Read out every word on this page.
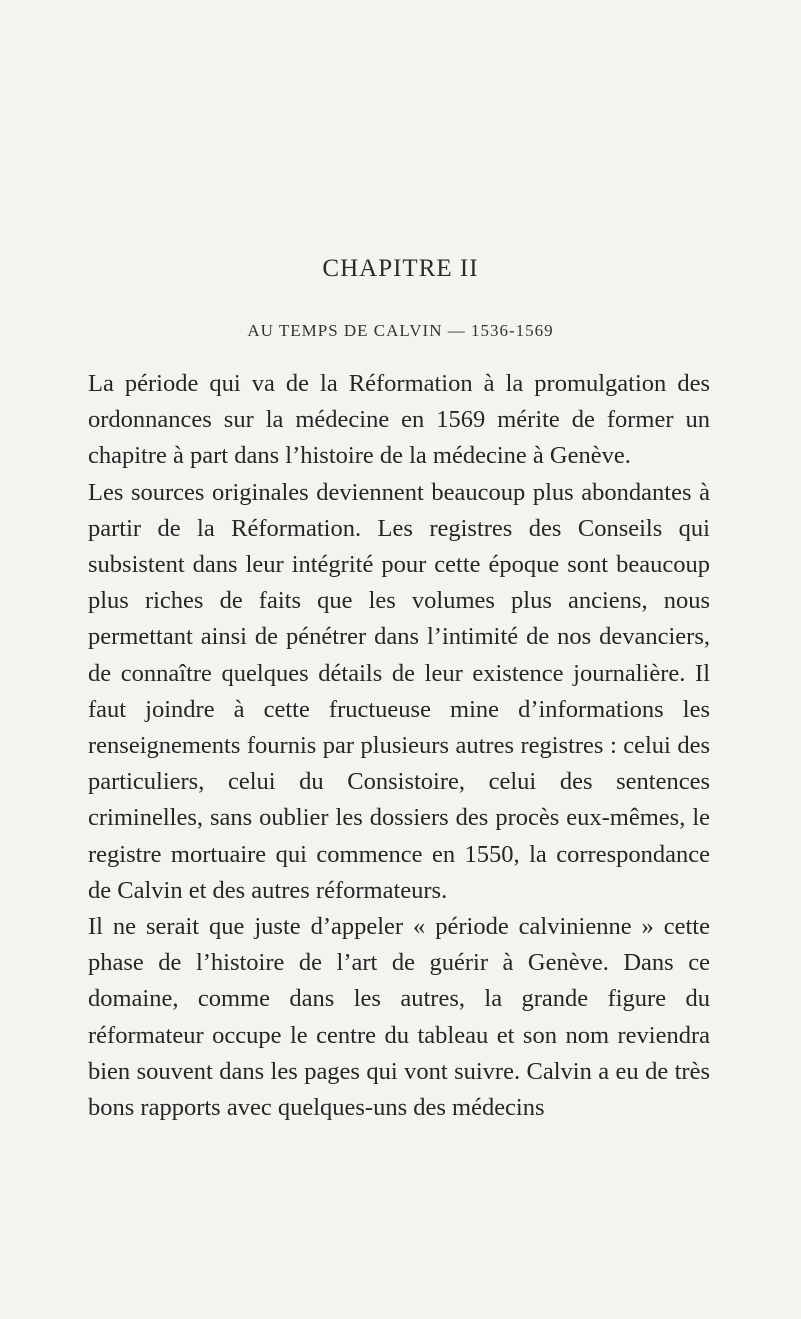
CHAPITRE II
AU TEMPS DE CALVIN — 1536-1569

La période qui va de la Réformation à la promulgation des ordonnances sur la médecine en 1569 mérite de former un chapitre à part dans l’histoire de la médecine à Genève.

Les sources originales deviennent beaucoup plus abondantes à partir de la Réformation. Les registres des Conseils qui subsistent dans leur intégrité pour cette époque sont beaucoup plus riches de faits que les volumes plus anciens, nous permettant ainsi de pénétrer dans l’intimité de nos devanciers, de connaître quelques détails de leur existence journalière. Il faut joindre à cette fructueuse mine d’informations les renseignements fournis par plusieurs autres registres : celui des particuliers, celui du Consistoire, celui des sentences criminelles, sans oublier les dossiers des procès eux-mêmes, le registre mortuaire qui commence en 1550, la correspondance de Calvin et des autres réformateurs.

Il ne serait que juste d’appeler « période calvinienne » cette phase de l’histoire de l’art de guérir à Genève. Dans ce domaine, comme dans les autres, la grande figure du réformateur occupe le centre du tableau et son nom reviendra bien souvent dans les pages qui vont suivre. Calvin a eu de très bons rapports avec quelques-uns des médecins
